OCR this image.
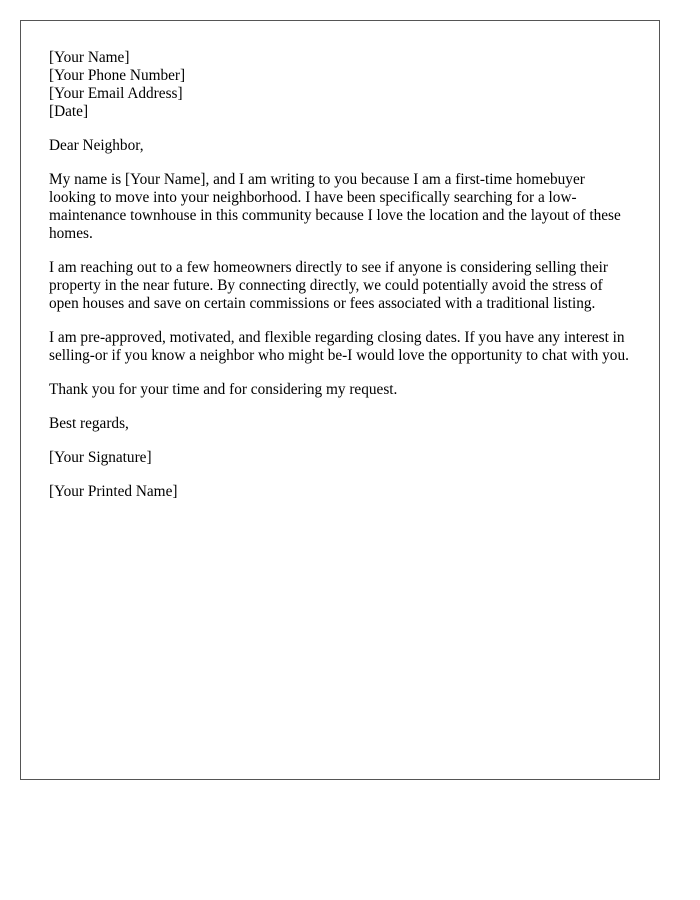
[Your Name]
[Your Phone Number]
[Your Email Address]
[Date]

Dear Neighbor,

My name is [Your Name], and I am writing to you because I am a first-time homebuyer looking to move into your neighborhood. I have been specifically searching for a low-maintenance townhouse in this community because I love the location and the layout of these homes.

I am reaching out to a few homeowners directly to see if anyone is considering selling their property in the near future. By connecting directly, we could potentially avoid the stress of open houses and save on certain commissions or fees associated with a traditional listing.

I am pre-approved, motivated, and flexible regarding closing dates. If you have any interest in selling-or if you know a neighbor who might be-I would love the opportunity to chat with you.

Thank you for your time and for considering my request.

Best regards,

[Your Signature]

[Your Printed Name]
